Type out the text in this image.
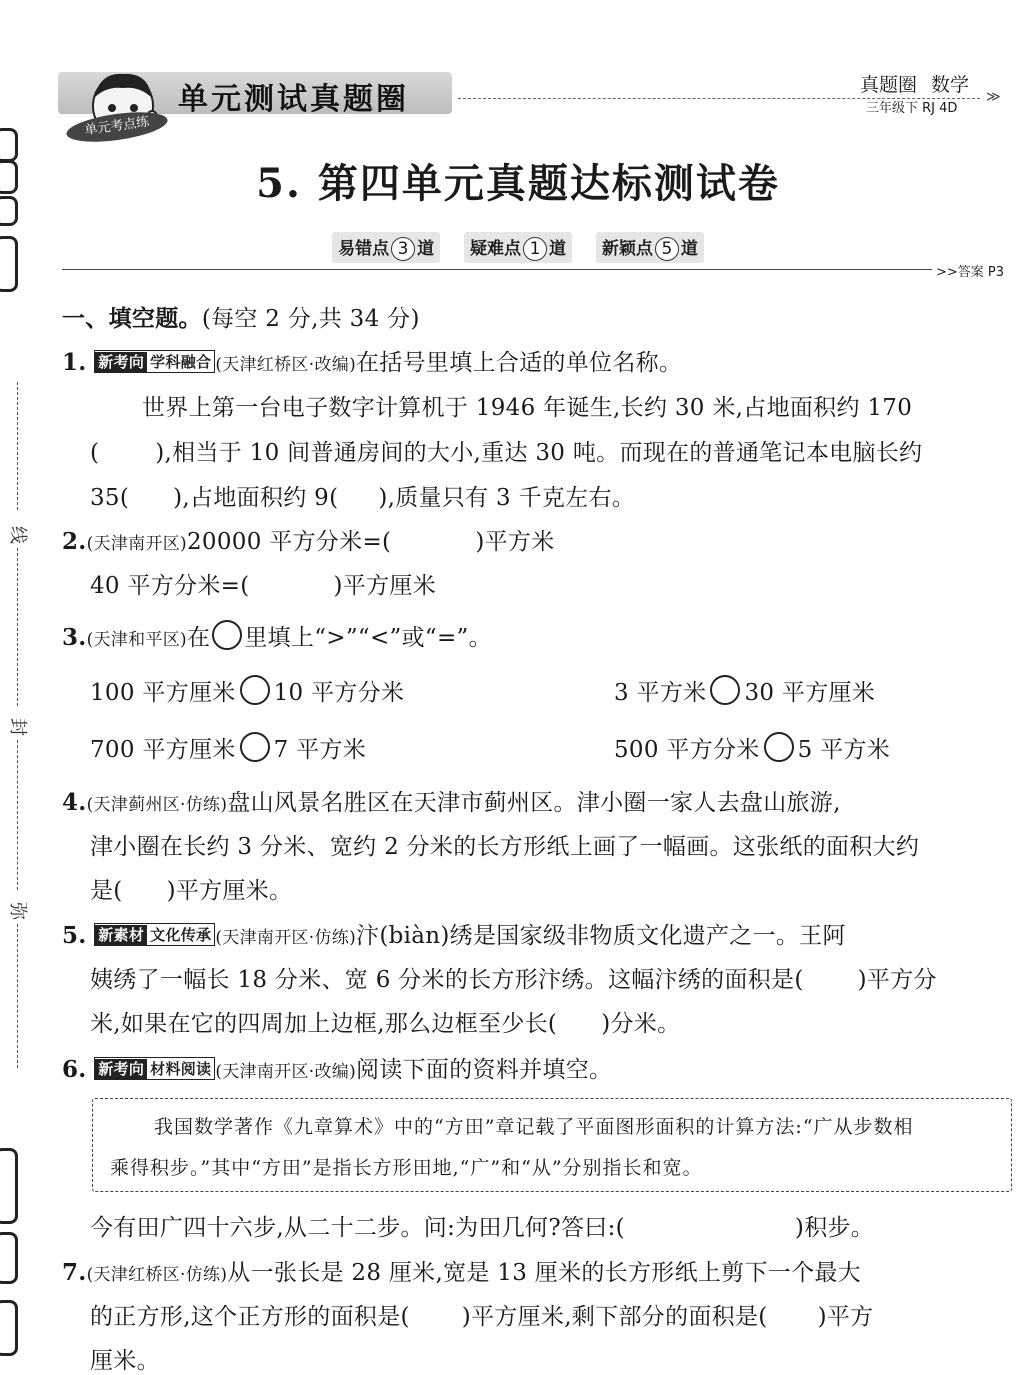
线
封
弥
单元考点练
单元测试真题圈	真题圈 数学
三年级下 RJ 4D
≫
5. 第四单元真题达标测试卷
易错点 3 道 疑难点 1 道 新颖点 5 道
>>答案 P3
一、填空题。(每空 2 分,共 34 分)
1. 新考向 学科融合 (天津红桥区·改编)在括号里填上合适的单位名称。
世界上第一台电子数字计算机于 1946 年诞生,长约 30 米,占地面积约 170
( ),相当于 10 间普通房间的大小,重达 30 吨。而现在的普通笔记本电脑长约
35( ),占地面积约 9( ),质量只有 3 千克左右。
2.(天津南开区)20000 平方分米=(	)平方米
40 平方分米=(	)平方厘米
3.(天津和平区)在 里填上“>”“<”或“=”。
100 平方厘米 10 平方分米	3 平方米 30 平方厘米
700 平方厘米 7 平方米	500 平方分米 5 平方米
4.(天津蓟州区·仿练)盘山风景名胜区在天津市蓟州区。津小圈一家人去盘山旅游,
津小圈在长约 3 分米、宽约 2 分米的长方形纸上画了一幅画。这张纸的面积大约
是( )平方厘米。
5. 新素材 文化传承 (天津南开区·仿练)汴(biàn)绣是国家级非物质文化遗产之一。王阿
姨绣了一幅长 18 分米、宽 6 分米的长方形汴绣。这幅汴绣的面积是( )平方分
米,如果在它的四周加上边框,那么边框至少长( )分米。
6. 新考向 材料阅读 (天津南开区·改编)阅读下面的资料并填空。
我国数学著作《九章算术》中的“方田”章记载了平面图形面积的计算方法:“广从步数相
乘得积步。”其中“方田”是指长方形田地,“广”和“从”分别指长和宽。
今有田广四十六步,从二十二步。问:为田几何?答曰:(	)积步。
7.(天津红桥区·仿练)从一张长是 28 厘米,宽是 13 厘米的长方形纸上剪下一个最大
的正方形,这个正方形的面积是( )平方厘米,剩下部分的面积是( )平方
厘米。
